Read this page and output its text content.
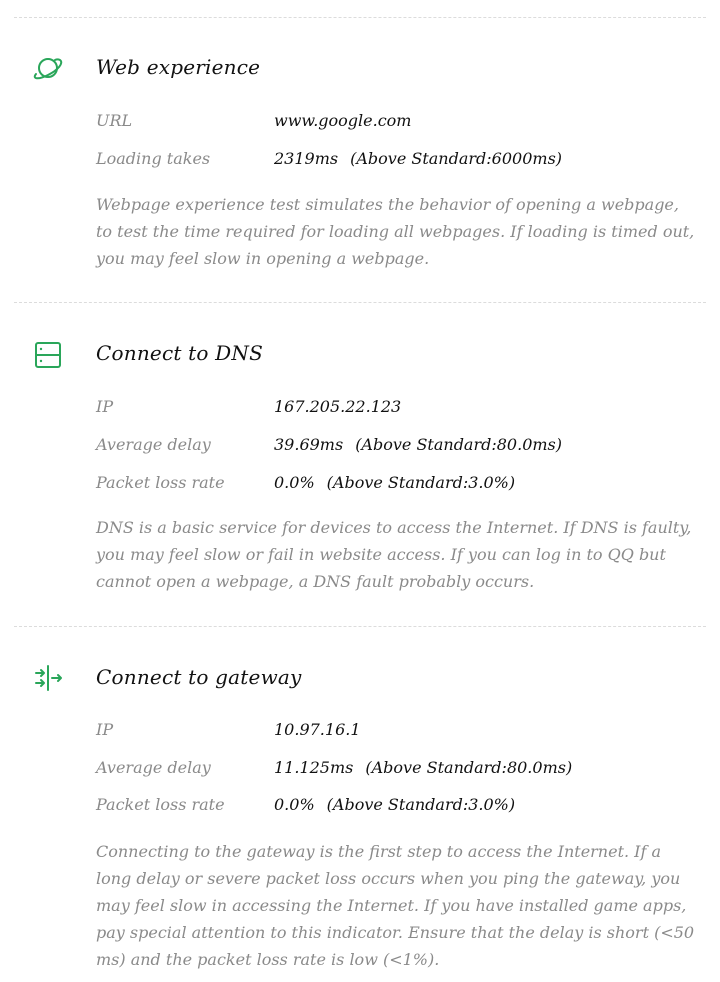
Web experience
URL	www.google.com
Loading takes	2319ms (Above Standard:6000ms)
Webpage experience test simulates the behavior of opening a webpage, to test the time required for loading all webpages. If loading is timed out, you may feel slow in opening a webpage.
Connect to DNS
IP	167.205.22.123
Average delay	39.69ms (Above Standard:80.0ms)
Packet loss rate	0.0% (Above Standard:3.0%)
DNS is a basic service for devices to access the Internet. If DNS is faulty, you may feel slow or fail in website access. If you can log in to QQ but cannot open a webpage, a DNS fault probably occurs.
Connect to gateway
IP	10.97.16.1
Average delay	11.125ms (Above Standard:80.0ms)
Packet loss rate	0.0% (Above Standard:3.0%)
Connecting to the gateway is the first step to access the Internet. If a long delay or severe packet loss occurs when you ping the gateway, you may feel slow in accessing the Internet. If you have installed game apps, pay special attention to this indicator. Ensure that the delay is short (<50 ms) and the packet loss rate is low (<1%).
